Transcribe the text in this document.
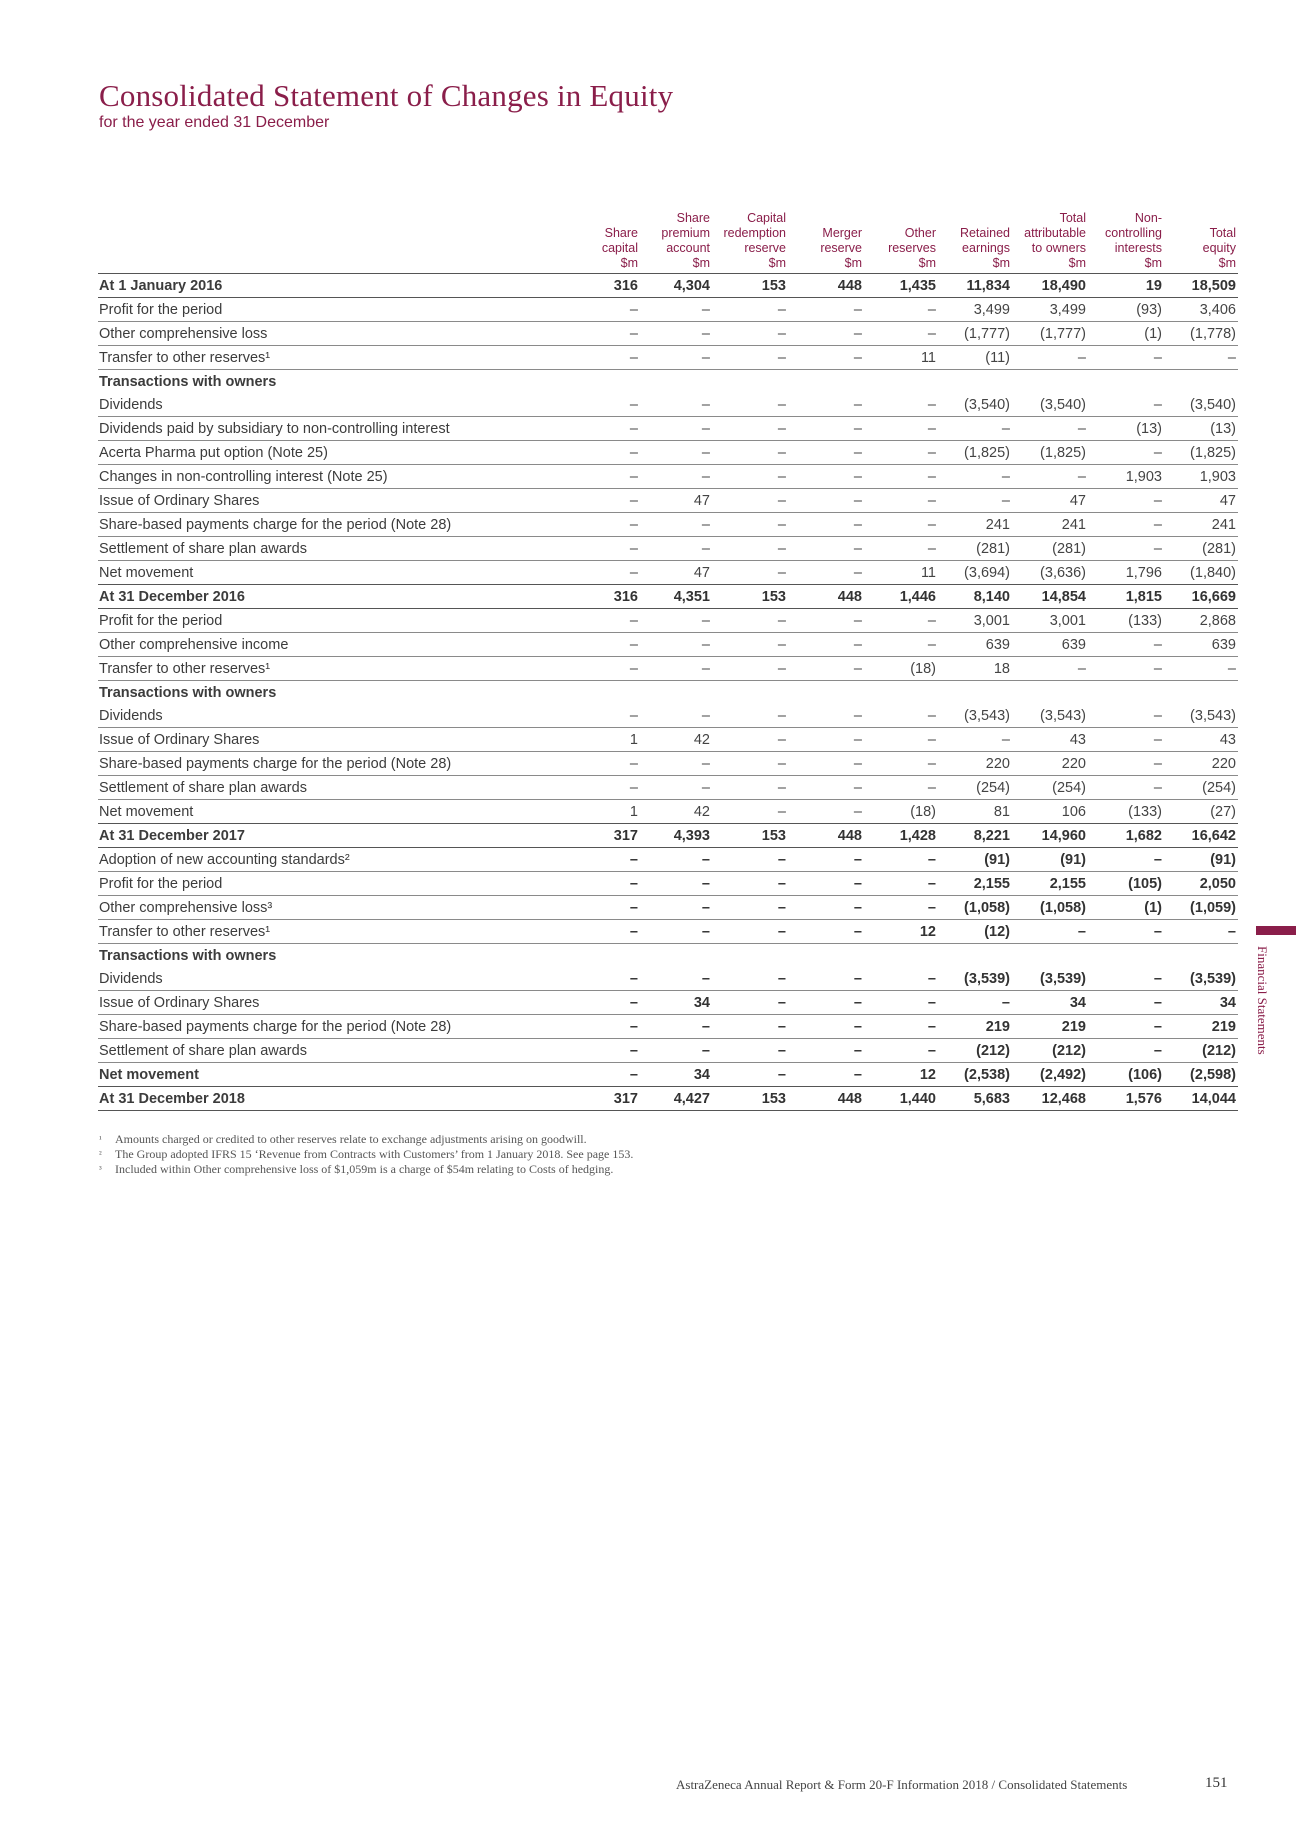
Consolidated Statement of Changes in Equity
for the year ended 31 December
	Share
capital
$m	Share
premium
account
$m	Capital
redemption
reserve
$m	Merger
reserve
$m	Other
reserves
$m	Retained
earnings
$m	Total
attributable
to owners
$m	Non-
controlling
interests
$m	Total
equity
$m
At 1 January 2016	316	4,304	153	448	1,435	11,834	18,490	19	18,509
Profit for the period	–	–	–	–	–	3,499	3,499	(93)	3,406
Other comprehensive loss	–	–	–	–	–	(1,777)	(1,777)	(1)	(1,778)
Transfer to other reserves¹	–	–	–	–	11	(11)	–	–	–
Transactions with owners									
Dividends	–	–	–	–	–	(3,540)	(3,540)	–	(3,540)
Dividends paid by subsidiary to non-controlling interest	–	–	–	–	–	–	–	(13)	(13)
Acerta Pharma put option (Note 25)	–	–	–	–	–	(1,825)	(1,825)	–	(1,825)
Changes in non-controlling interest (Note 25)	–	–	–	–	–	–	–	1,903	1,903
Issue of Ordinary Shares	–	47	–	–	–	–	47	–	47
Share-based payments charge for the period (Note 28)	–	–	–	–	–	241	241	–	241
Settlement of share plan awards	–	–	–	–	–	(281)	(281)	–	(281)
Net movement	–	47	–	–	11	(3,694)	(3,636)	1,796	(1,840)
At 31 December 2016	316	4,351	153	448	1,446	8,140	14,854	1,815	16,669
Profit for the period	–	–	–	–	–	3,001	3,001	(133)	2,868
Other comprehensive income	–	–	–	–	–	639	639	–	639
Transfer to other reserves¹	–	–	–	–	(18)	18	–	–	–
Transactions with owners									
Dividends	–	–	–	–	–	(3,543)	(3,543)	–	(3,543)
Issue of Ordinary Shares	1	42	–	–	–	–	43	–	43
Share-based payments charge for the period (Note 28)	–	–	–	–	–	220	220	–	220
Settlement of share plan awards	–	–	–	–	–	(254)	(254)	–	(254)
Net movement	1	42	–	–	(18)	81	106	(133)	(27)
At 31 December 2017	317	4,393	153	448	1,428	8,221	14,960	1,682	16,642
Adoption of new accounting standards²	–	–	–	–	–	(91)	(91)	–	(91)
Profit for the period	–	–	–	–	–	2,155	2,155	(105)	2,050
Other comprehensive loss³	–	–	–	–	–	(1,058)	(1,058)	(1)	(1,059)
Transfer to other reserves¹	–	–	–	–	12	(12)	–	–	–
Transactions with owners									
Dividends	–	–	–	–	–	(3,539)	(3,539)	–	(3,539)
Issue of Ordinary Shares	–	34	–	–	–	–	34	–	34
Share-based payments charge for the period (Note 28)	–	–	–	–	–	219	219	–	219
Settlement of share plan awards	–	–	–	–	–	(212)	(212)	–	(212)
Net movement	–	34	–	–	12	(2,538)	(2,492)	(106)	(2,598)
At 31 December 2018	317	4,427	153	448	1,440	5,683	12,468	1,576	14,044
¹	Amounts charged or credited to other reserves relate to exchange adjustments arising on goodwill.
²	The Group adopted IFRS 15 ‘Revenue from Contracts with Customers’ from 1 January 2018. See page 153.
³	Included within Other comprehensive loss of $1,059m is a charge of $54m relating to Costs of hedging.
Financial Statements
AstraZeneca Annual Report & Form 20-F Information 2018 / Consolidated Statements	151
